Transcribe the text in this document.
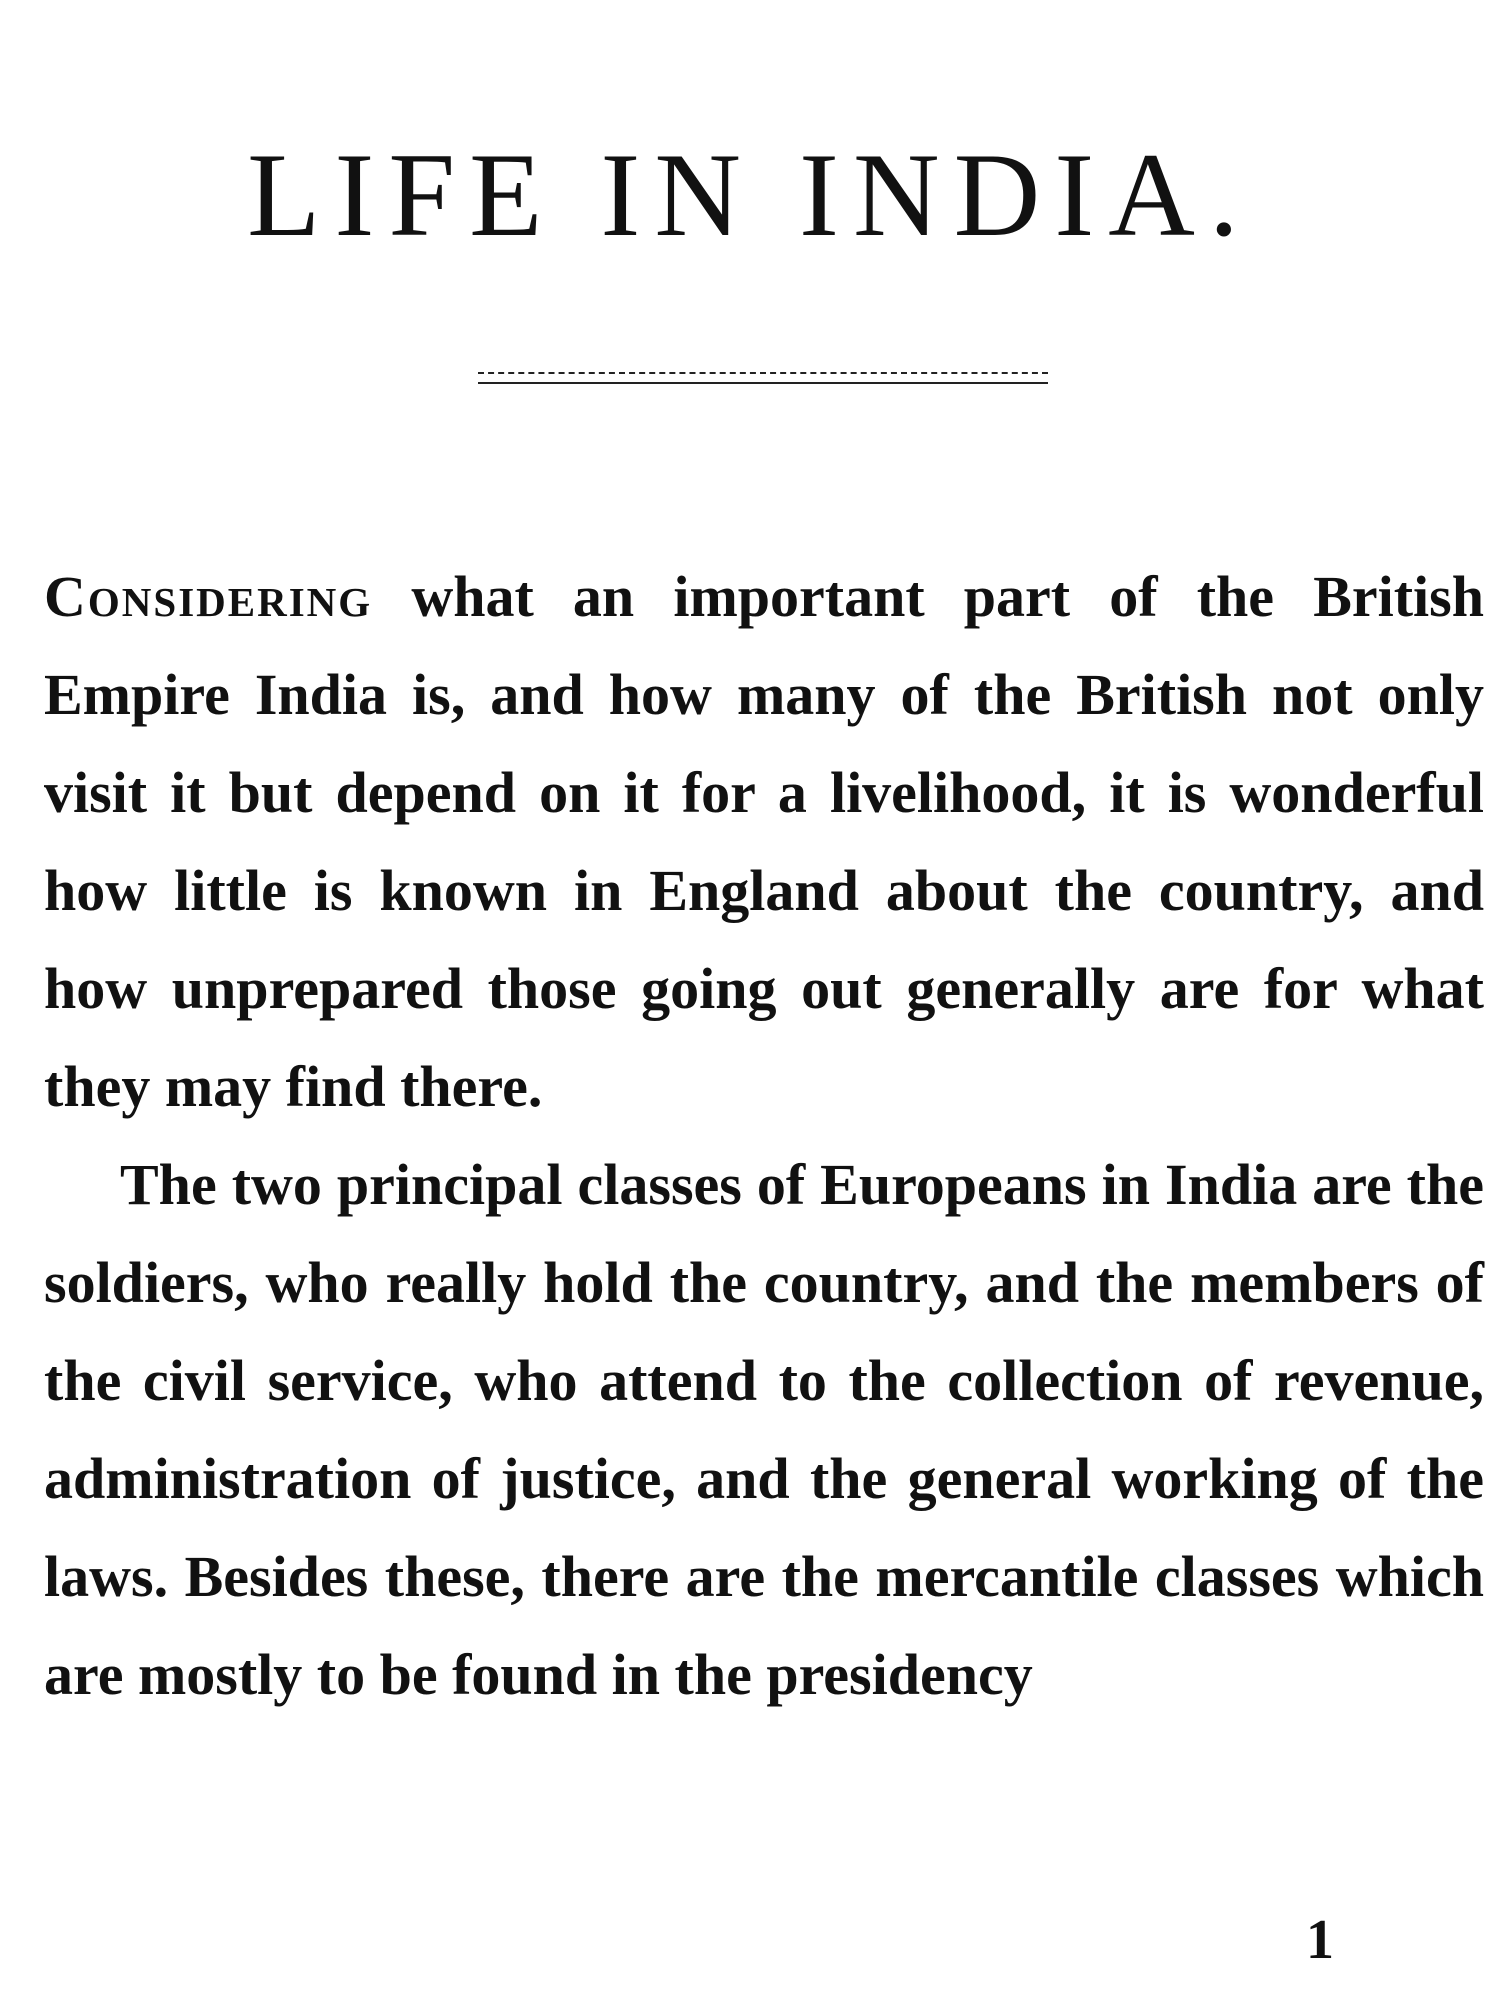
LIFE IN INDIA.

Considering what an important part of the British Empire India is, and how many of the British not only visit it but depend on it for a livelihood, it is wonderful how little is known in England about the country, and how unprepared those going out generally are for what they may find there.

The two principal classes of Europeans in India are the soldiers, who really hold the country, and the members of the civil service, who attend to the collection of revenue, administration of justice, and the general working of the laws. Besides these, there are the mercantile classes which are mostly to be found in the presidency

1
